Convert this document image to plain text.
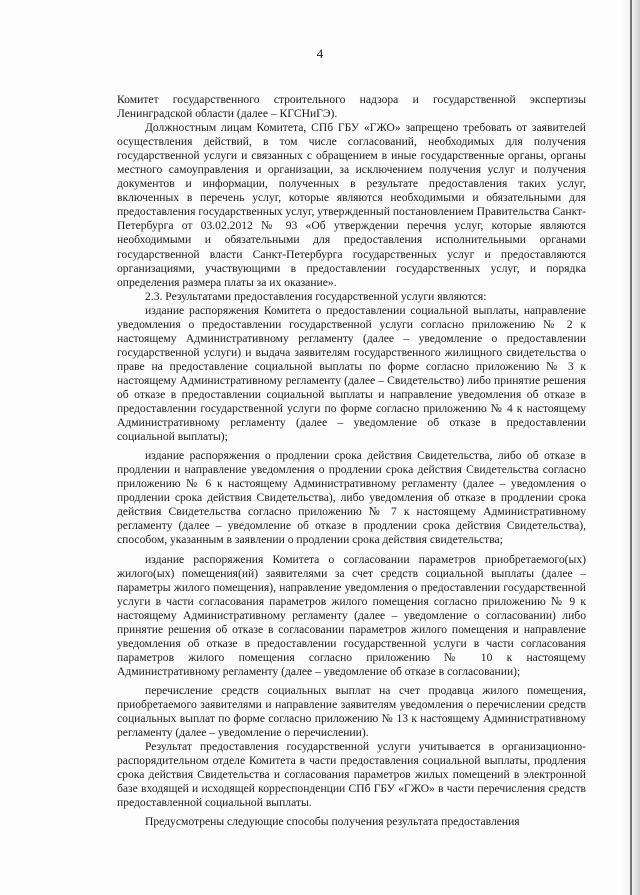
4

Комитет государственного строительного надзора и государственной экспертизы Ленинградской области (далее – КГСНиГЭ).

Должностным лицам Комитета, СПб ГБУ «ГЖО» запрещено требовать от заявителей осуществления действий, в том числе согласований, необходимых для получения государственной услуги и связанных с обращением в иные государственные органы, органы местного самоуправления и организации, за исключением получения услуг и получения документов и информации, полученных в результате предоставления таких услуг, включенных в перечень услуг, которые являются необходимыми и обязательными для предоставления государственных услуг, утвержденный постановлением Правительства Санкт-Петербурга от 03.02.2012 № 93 «Об утверждении перечня услуг, которые являются необходимыми и обязательными для предоставления исполнительными органами государственной власти Санкт-Петербурга государственных услуг и предоставляются организациями, участвующими в предоставлении государственных услуг, и порядка определения размера платы за их оказание».

2.3. Результатами предоставления государственной услуги являются:

издание распоряжения Комитета о предоставлении социальной выплаты, направление уведомления о предоставлении государственной услуги согласно приложению № 2 к настоящему Административному регламенту (далее – уведомление о предоставлении государственной услуги) и выдача заявителям государственного жилищного свидетельства о праве на предоставление социальной выплаты по форме согласно приложению № 3 к настоящему Административному регламенту (далее – Свидетельство) либо принятие решения об отказе в предоставлении социальной выплаты и направление уведомления об отказе в предоставлении государственной услуги по форме согласно приложению № 4 к настоящему Административному регламенту (далее – уведомление об отказе в предоставлении социальной выплаты);

издание распоряжения о продлении срока действия Свидетельства, либо об отказе в продлении и направление уведомления о продлении срока действия Свидетельства согласно приложению № 6 к настоящему Административному регламенту (далее – уведомления о продлении срока действия Свидетельства), либо уведомления об отказе в продлении срока действия Свидетельства согласно приложению № 7 к настоящему Административному регламенту (далее – уведомление об отказе в продлении срока действия Свидетельства), способом, указанным в заявлении о продлении срока действия свидетельства;

издание распоряжения Комитета о согласовании параметров приобретаемого(ых) жилого(ых) помещения(ий) заявителями за счет средств социальной выплаты (далее – параметры жилого помещения), направление уведомления о предоставлении государственной услуги в части согласования параметров жилого помещения согласно приложению № 9 к настоящему Административному регламенту (далее – уведомление о согласовании) либо принятие решения об отказе в согласовании параметров жилого помещения и направление уведомления об отказе в предоставлении государственной услуги в части согласования параметров жилого помещения согласно приложению № 10 к настоящему Административному регламенту (далее – уведомление об отказе в согласовании);

перечисление средств социальных выплат на счет продавца жилого помещения, приобретаемого заявителями и направление заявителям уведомления о перечислении средств социальных выплат по форме согласно приложению № 13 к настоящему Административному регламенту (далее – уведомление о перечислении).

Результат предоставления государственной услуги учитывается в организационно-распорядительном отделе Комитета в части предоставления социальной выплаты, продления срока действия Свидетельства и согласования параметров жилых помещений в электронной базе входящей и исходящей корреспонденции СПб ГБУ «ГЖО» в части перечисления средств предоставленной социальной выплаты.

Предусмотрены следующие способы получения результата предоставления
